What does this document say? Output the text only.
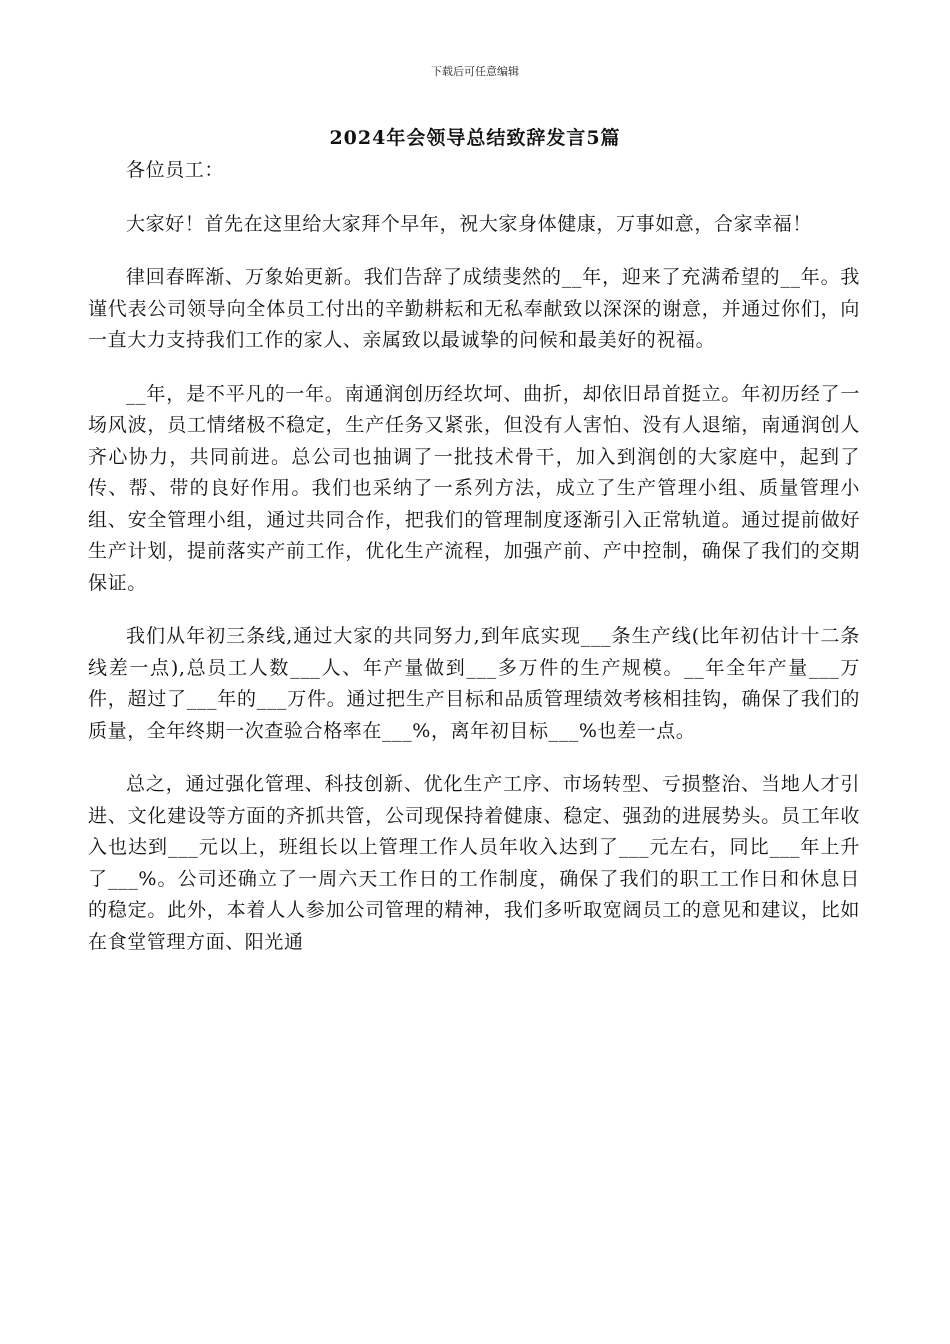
下载后可任意编辑
2024年会领导总结致辞发言5篇

各位员工：

大家好！首先在这里给大家拜个早年，祝大家身体健康，万事如意，合家幸福！

律回春晖渐、万象始更新。我们告辞了成绩斐然的__年，迎来了充满希望的__年。我谨代表公司领导向全体员工付出的辛勤耕耘和无私奉献致以深深的谢意，并通过你们，向一直大力支持我们工作的家人、亲属致以最诚挚的问候和最美好的祝福。

__年，是不平凡的一年。南通润创历经坎坷、曲折，却依旧昂首挺立。年初历经了一场风波，员工情绪极不稳定，生产任务又紧张，但没有人害怕、没有人退缩，南通润创人齐心协力，共同前进。总公司也抽调了一批技术骨干，加入到润创的大家庭中，起到了传、帮、带的良好作用。我们也采纳了一系列方法，成立了生产管理小组、质量管理小组、安全管理小组，通过共同合作，把我们的管理制度逐渐引入正常轨道。通过提前做好生产计划，提前落实产前工作，优化生产流程，加强产前、产中控制，确保了我们的交期保证。

我们从年初三条线,通过大家的共同努力,到年底实现___条生产线(比年初估计十二条线差一点),总员工人数___人、年产量做到___多万件的生产规模。__年全年产量___万件，超过了___年的___万件。通过把生产目标和品质管理绩效考核相挂钩，确保了我们的质量，全年终期一次查验合格率在___%，离年初目标___%也差一点。

总之，通过强化管理、科技创新、优化生产工序、市场转型、亏损整治、当地人才引进、文化建设等方面的齐抓共管，公司现保持着健康、稳定、强劲的进展势头。员工年收入也达到___元以上，班组长以上管理工作人员年收入达到了___元左右，同比___年上升了___%。公司还确立了一周六天工作日的工作制度，确保了我们的职工工作日和休息日的稳定。此外，本着人人参加公司管理的精神，我们多听取宽阔员工的意见和建议，比如在食堂管理方面、阳光通
